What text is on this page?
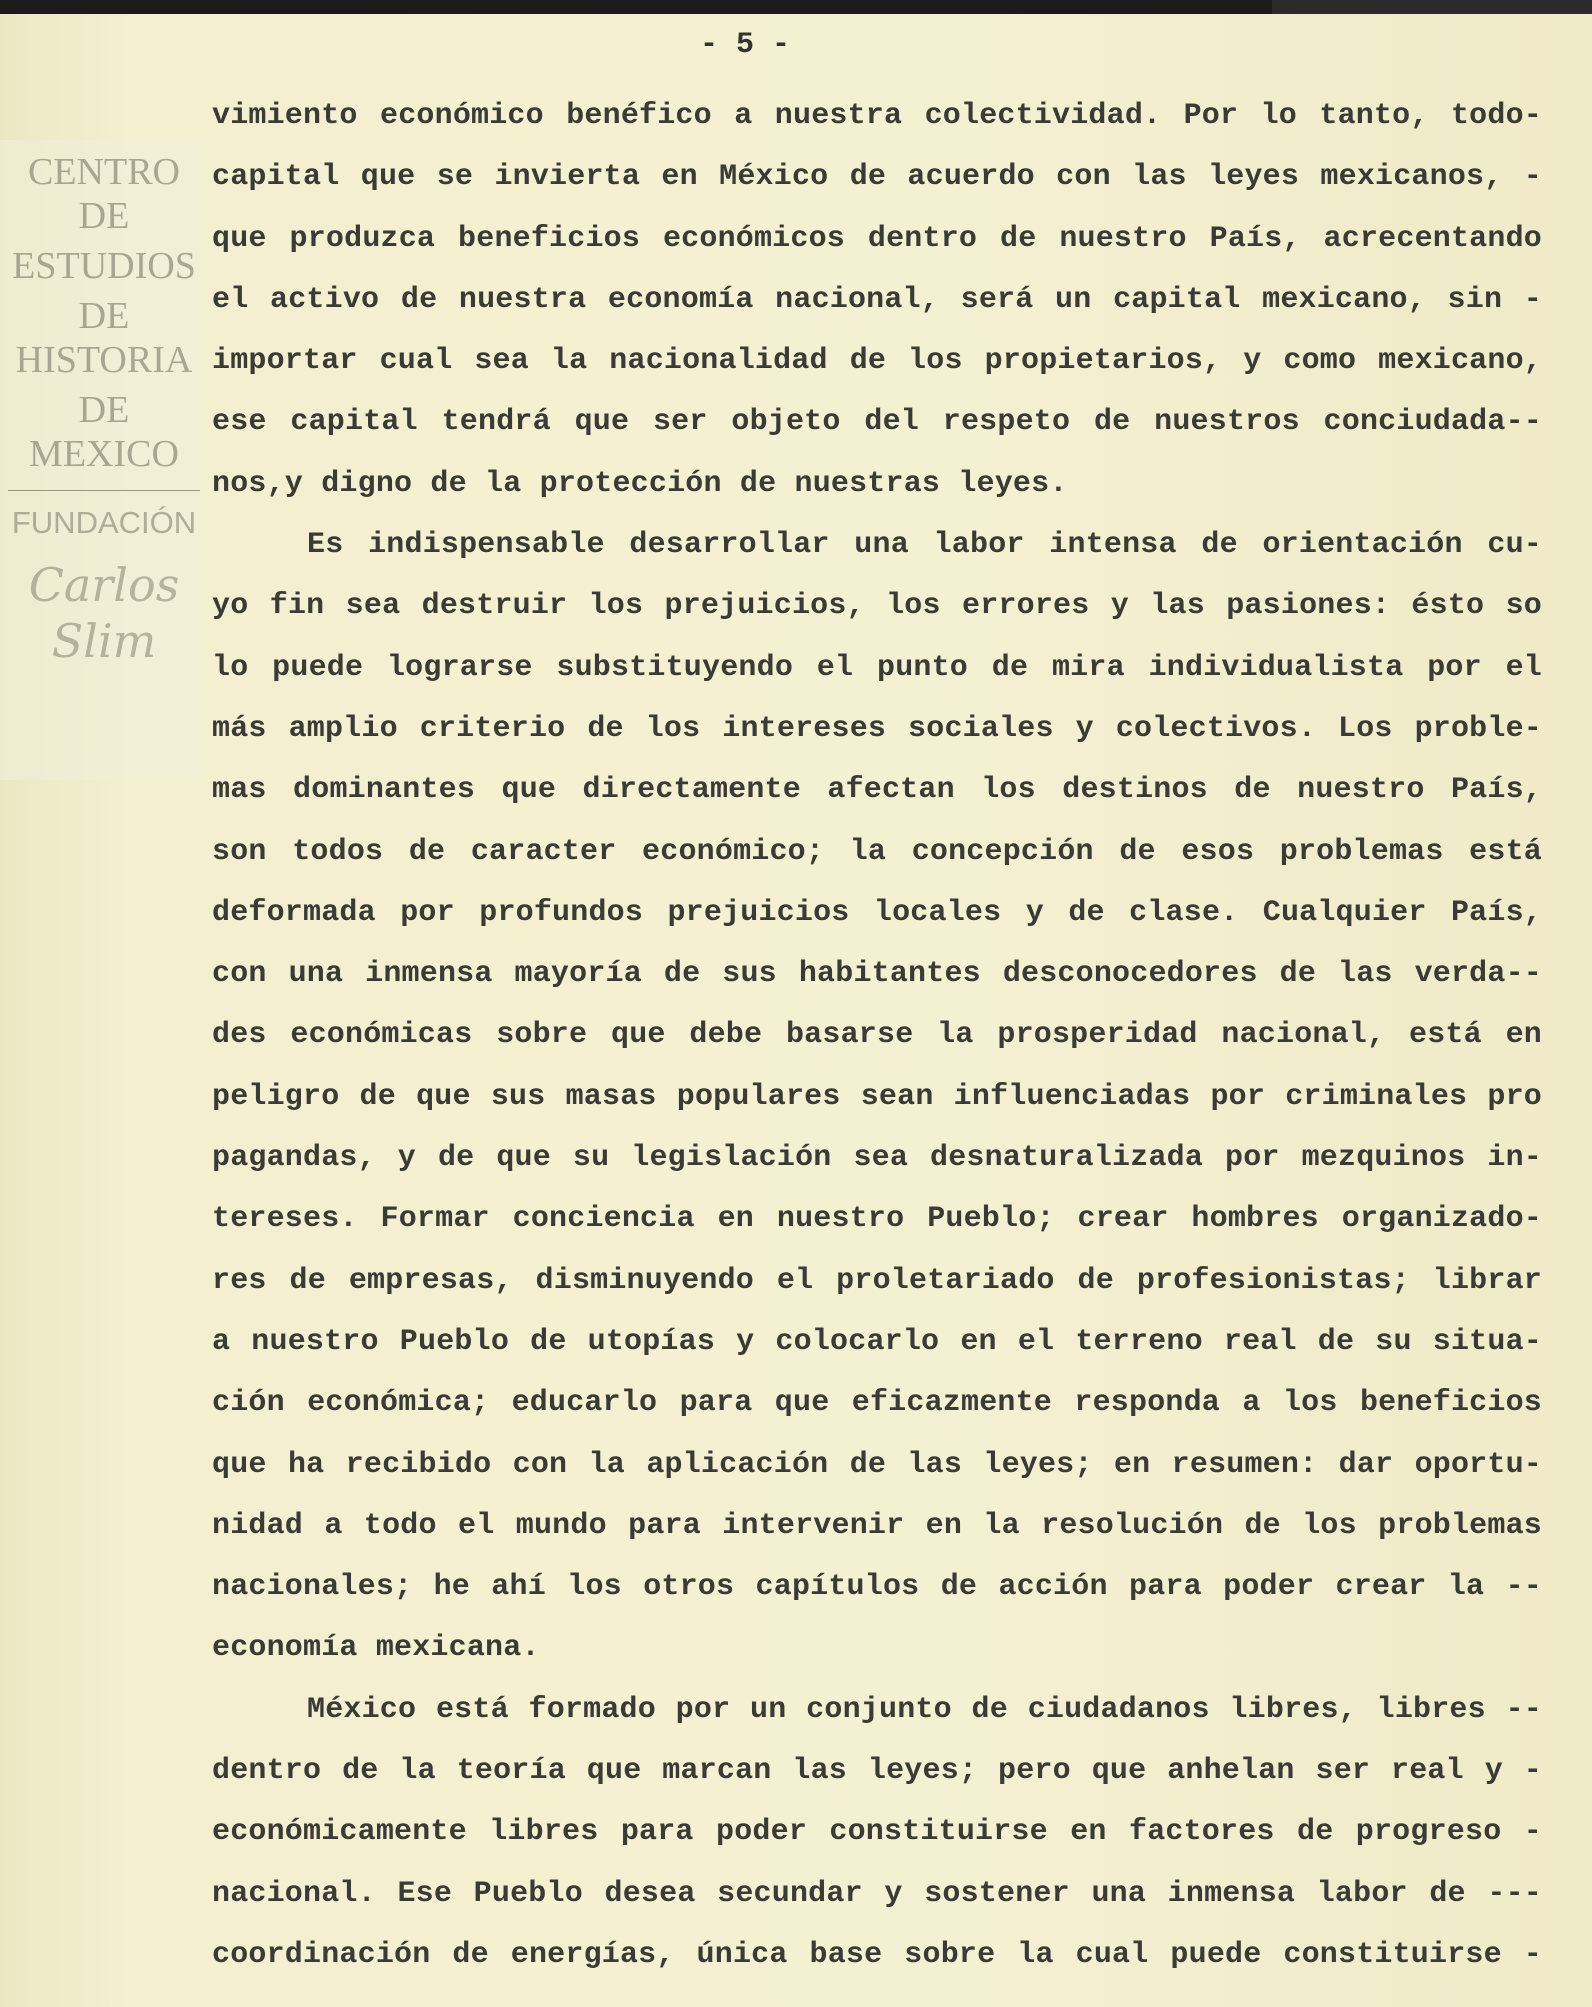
- 5 -
vimiento económico benéfico a nuestra colectividad. Por lo tanto, todo-
capital que se invierta en México de acuerdo con las leyes mexicanos, -
que produzca beneficios económicos dentro de nuestro País, acrecentando
el activo de nuestra economía nacional, será un capital mexicano, sin -
importar cual sea la nacionalidad de los propietarios, y como mexicano,
ese capital tendrá que ser objeto del respeto de nuestros conciudada--
nos,y digno de la protección de nuestras leyes.
Es indispensable desarrollar una labor intensa de orientación cu-
yo fin sea destruir los prejuicios, los errores y las pasiones: ésto so
lo puede lograrse substituyendo el punto de mira individualista por el
más amplio criterio de los intereses sociales y colectivos. Los proble-
mas dominantes que directamente afectan los destinos de nuestro País,
son todos de caracter económico; la concepción de esos problemas está
deformada por profundos prejuicios locales y de clase. Cualquier País,
con una inmensa mayoría de sus habitantes desconocedores de las verda--
des económicas sobre que debe basarse la prosperidad nacional, está en
peligro de que sus masas populares sean influenciadas por criminales pro
pagandas, y de que su legislación sea desnaturalizada por mezquinos in-
tereses. Formar conciencia en nuestro Pueblo; crear hombres organizado-
res de empresas, disminuyendo el proletariado de profesionistas; librar
a nuestro Pueblo de utopías y colocarlo en el terreno real de su situa-
ción económica; educarlo para que eficazmente responda a los beneficios
que ha recibido con la aplicación de las leyes; en resumen: dar oportu-
nidad a todo el mundo para intervenir en la resolución de los problemas
nacionales; he ahí los otros capítulos de acción para poder crear la --
economía mexicana.
México está formado por un conjunto de ciudadanos libres, libres --
dentro de la teoría que marcan las leyes; pero que anhelan ser real y -
económicamente libres para poder constituirse en factores de progreso -
nacional. Ese Pueblo desea secundar y sostener una inmensa labor de ---
coordinación de energías, única base sobre la cual puede constituirse -
CENTRO DE
ESTUDIOS
DE HISTORIA
DE MEXICO
FUNDACIÓN
Carlos Slim
